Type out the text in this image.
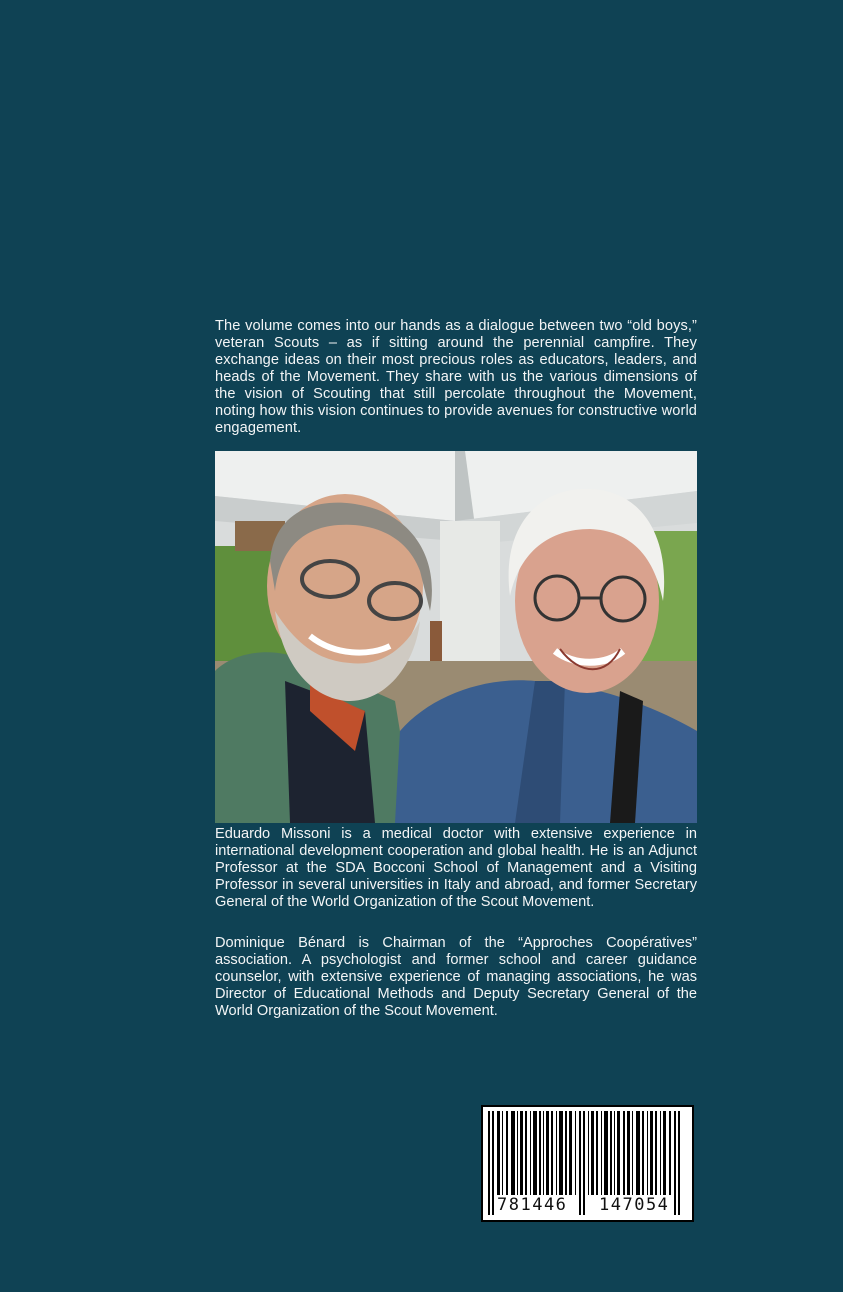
The volume comes into our hands as a dialogue between two “old boys,” veteran Scouts – as if sitting around the perennial campfire. They exchange ideas on their most precious roles as educators, leaders, and heads of the Movement. They share with us the various dimensions of the vision of Scouting that still percolate throughout the Movement, noting how this vision continues to provide avenues for constructive world engagement.

Eduardo Missoni is a medical doctor with extensive experience in international development cooperation and global health. He is an Adjunct Professor at the SDA Bocconi School of Management and a Visiting Professor in several universities in Italy and abroad, and former Secretary General of the World Organization of the Scout Movement.

Dominique Bénard is Chairman of the “Approches Coopératives” association. A psychologist and former school and career guidance counselor, with extensive experience of managing associations, he was Director of Educational Methods and Deputy Secretary General of the World Organization of the Scout Movement.

781446 147054
